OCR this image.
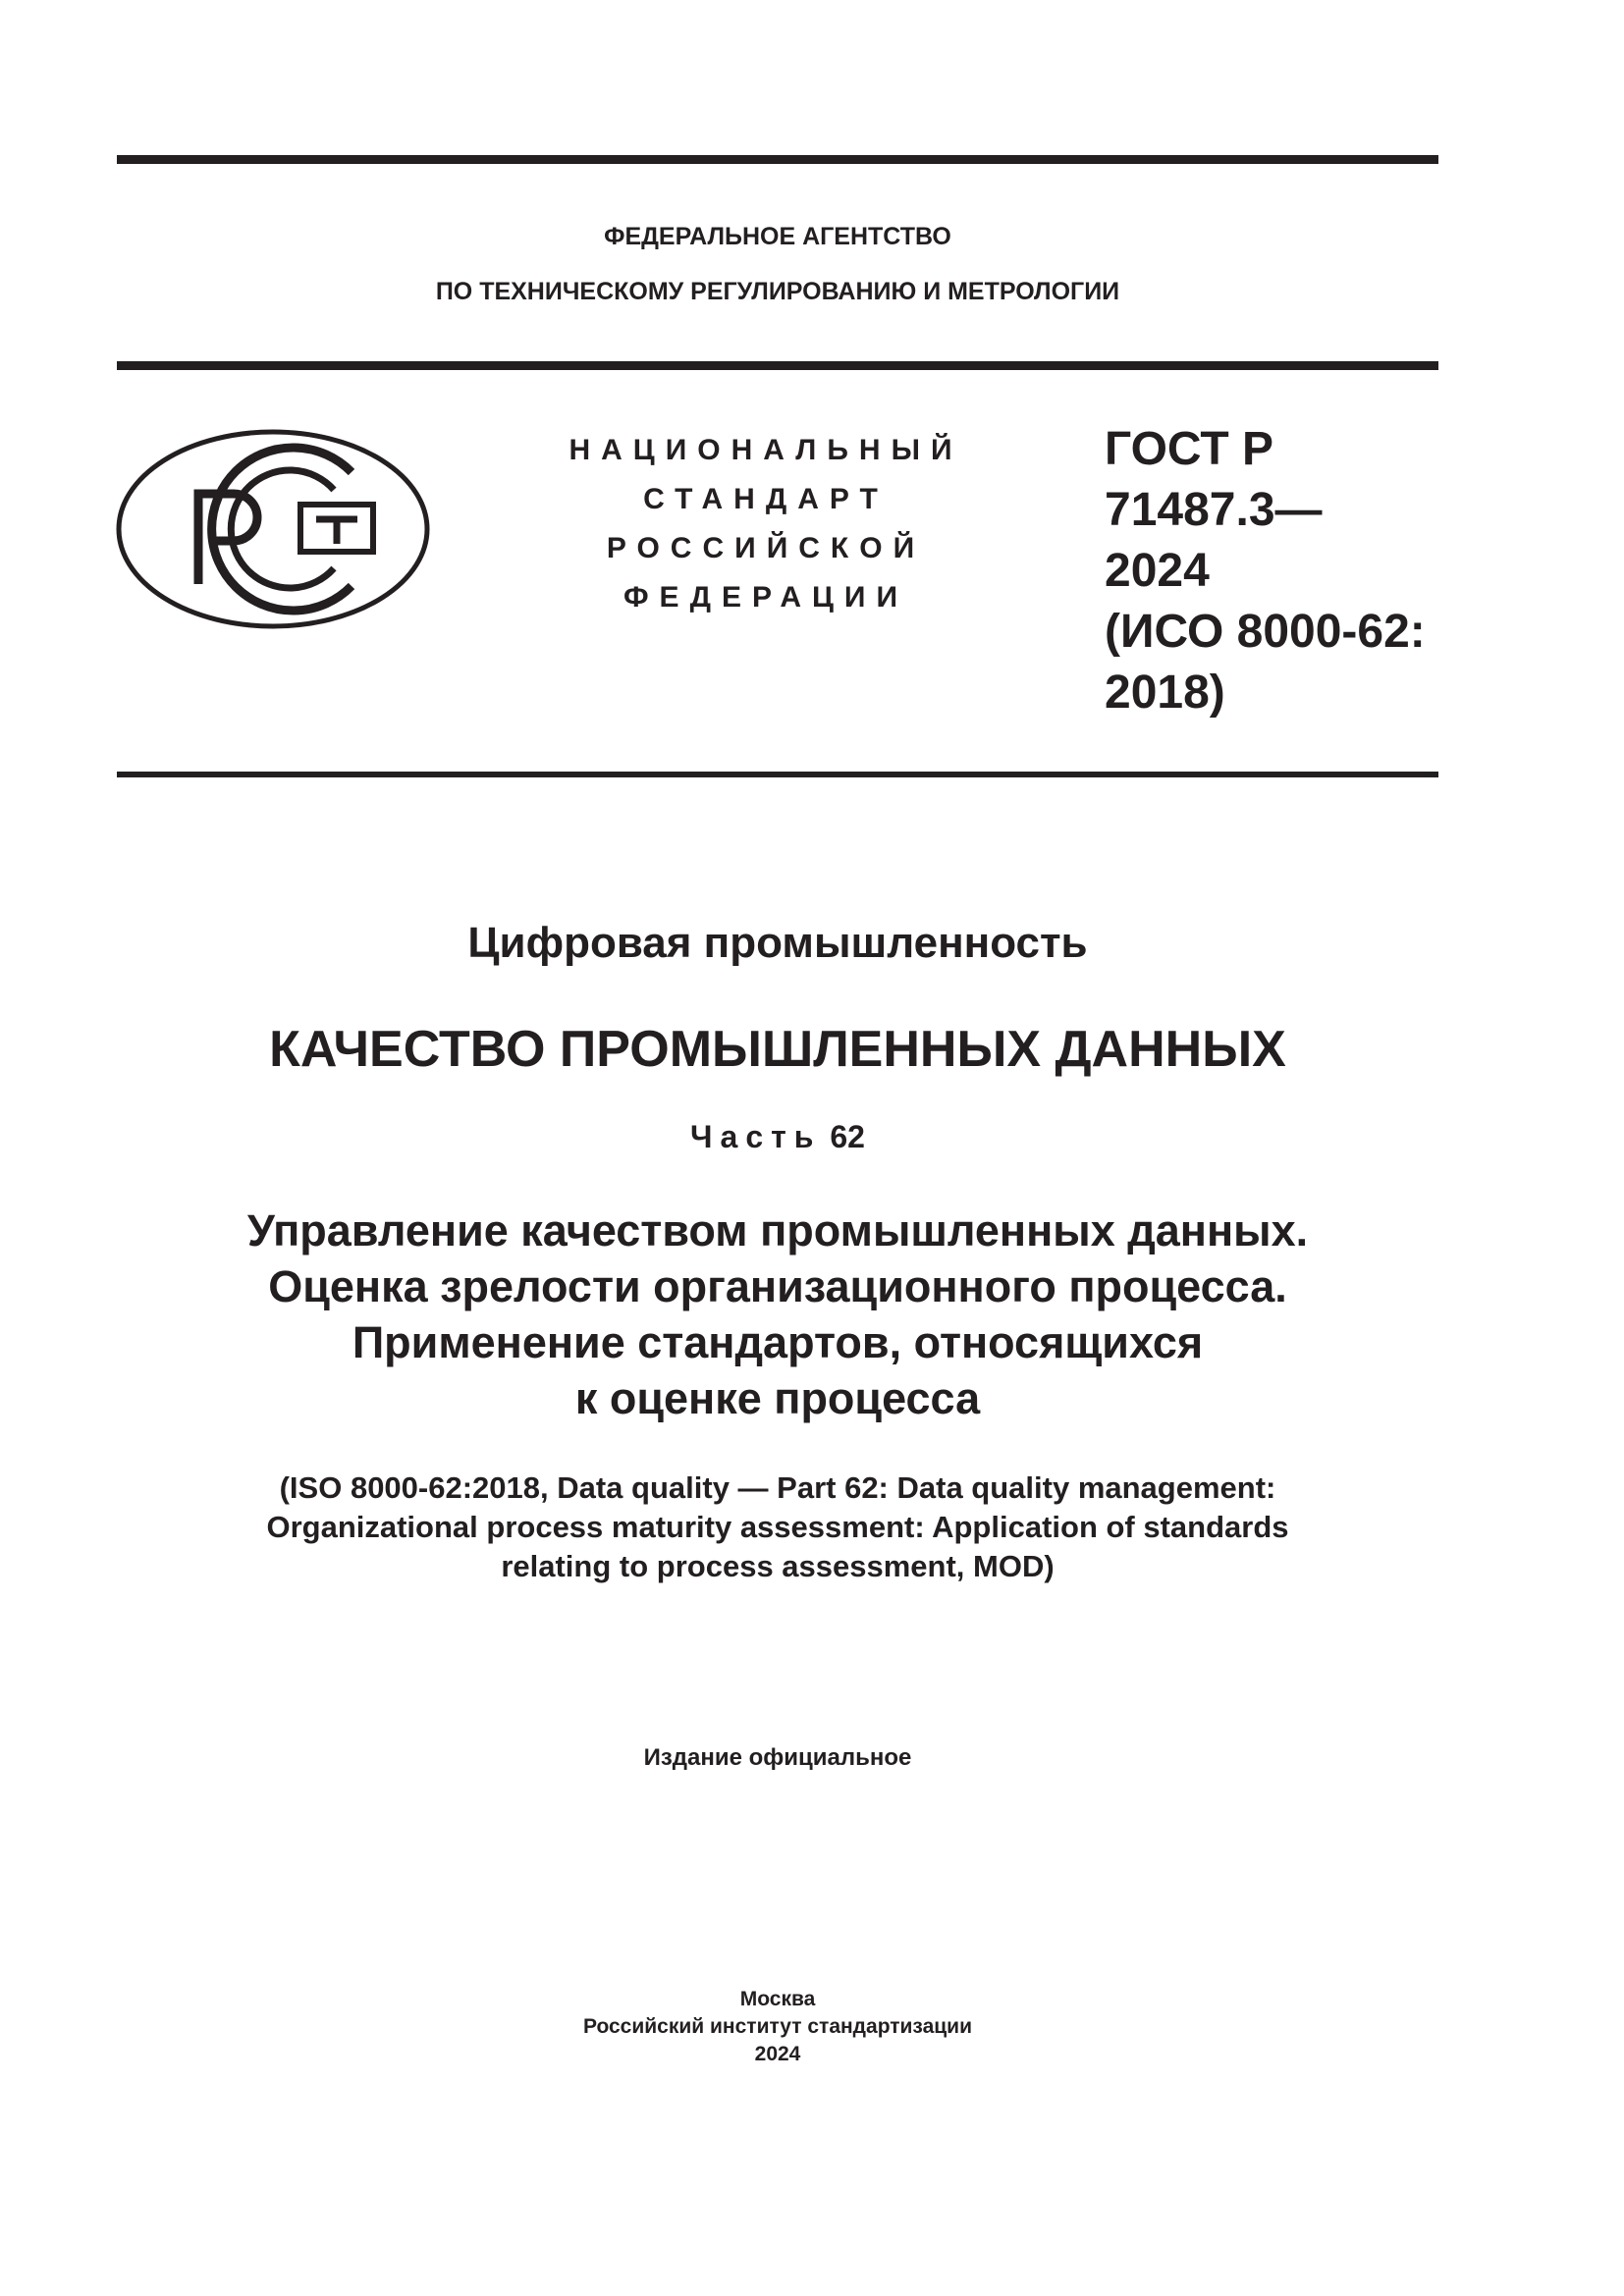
ФЕДЕРАЛЬНОЕ АГЕНТСТВО
ПО ТЕХНИЧЕСКОМУ РЕГУЛИРОВАНИЮ И МЕТРОЛОГИИ
НАЦИОНАЛЬНЫЙ
СТАНДАРТ
РОССИЙСКОЙ
ФЕДЕРАЦИИ
ГОСТ Р
71487.3—
2024
(ИСО 8000-62:
2018)
Цифровая промышленность
КАЧЕСТВО ПРОМЫШЛЕННЫХ ДАННЫХ
Часть 62
Управление качеством промышленных данных.
Оценка зрелости организационного процесса.
Применение стандартов, относящихся
к оценке процесса
(ISO 8000-62:2018, Data quality — Part 62: Data quality management:
Organizational process maturity assessment: Application of standards
relating to process assessment, MOD)
Издание официальное
Москва
Российский институт стандартизации
2024
